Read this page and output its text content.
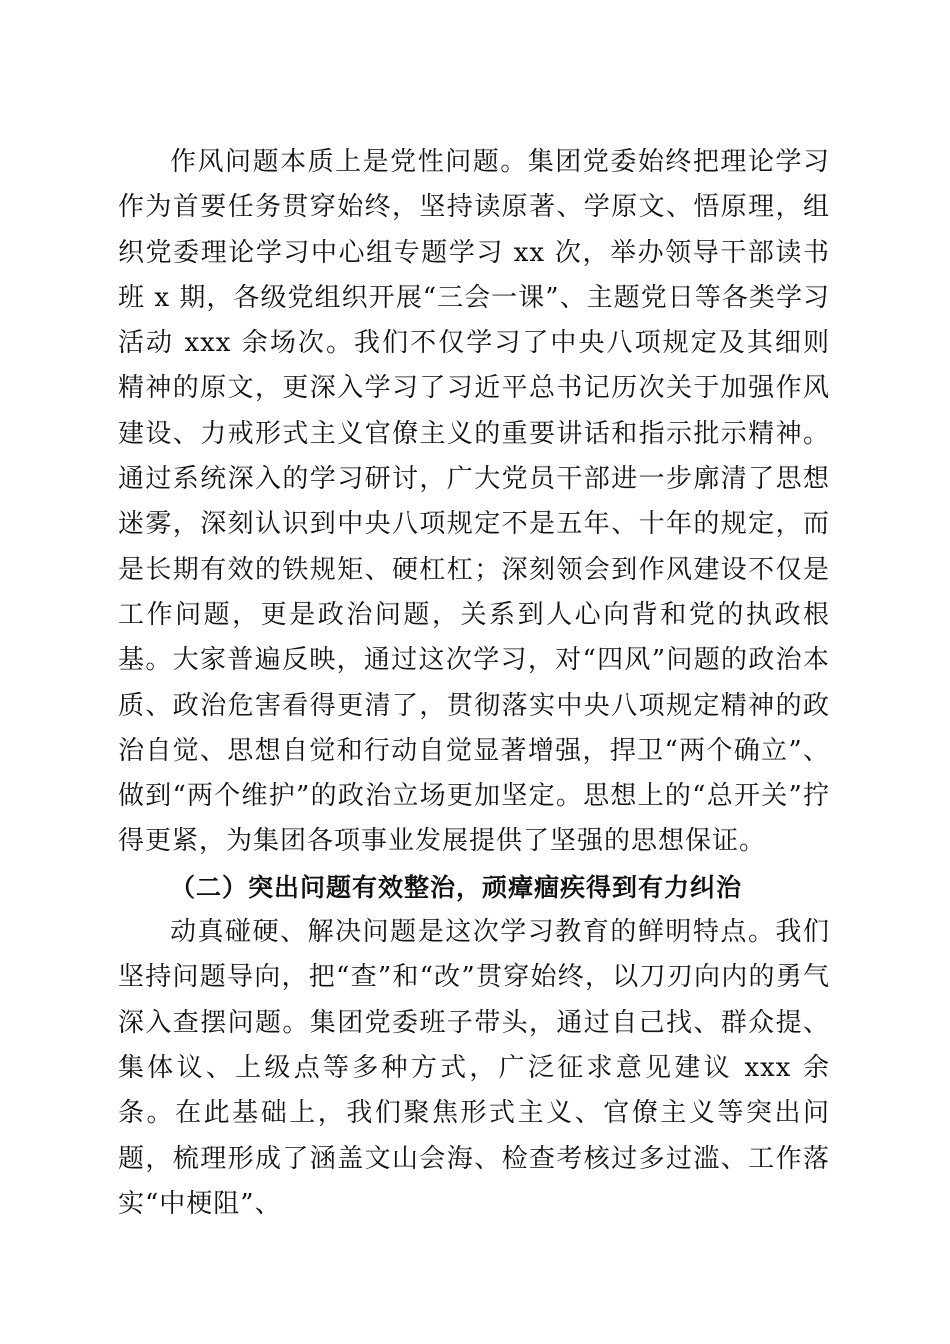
作风问题本质上是党性问题。集团党委始终把理论学习作为首要任务贯穿始终，坚持读原著、学原文、悟原理，组织党委理论学习中心组专题学习 xx 次，举办领导干部读书班 x 期，各级党组织开展“三会一课”、主题党日等各类学习活动 xxx 余场次。我们不仅学习了中央八项规定及其细则精神的原文，更深入学习了习近平总书记历次关于加强作风建设、力戒形式主义官僚主义的重要讲话和指示批示精神。通过系统深入的学习研讨，广大党员干部进一步廓清了思想迷雾，深刻认识到中央八项规定不是五年、十年的规定，而是长期有效的铁规矩、硬杠杠；深刻领会到作风建设不仅是工作问题，更是政治问题，关系到人心向背和党的执政根基。大家普遍反映，通过这次学习，对“四风”问题的政治本质、政治危害看得更清了，贯彻落实中央八项规定精神的政治自觉、思想自觉和行动自觉显著增强，捍卫“两个确立”、做到“两个维护”的政治立场更加坚定。思想上的“总开关”拧得更紧，为集团各项事业发展提供了坚强的思想保证。

（二）突出问题有效整治，顽瘴痼疾得到有力纠治

动真碰硬、解决问题是这次学习教育的鲜明特点。我们坚持问题导向，把“查”和“改”贯穿始终，以刀刃向内的勇气深入查摆问题。集团党委班子带头，通过自己找、群众提、集体议、上级点等多种方式，广泛征求意见建议 xxx 余条。在此基础上，我们聚焦形式主义、官僚主义等突出问题，梳理形成了涵盖文山会海、检查考核过多过滥、工作落实“中梗阻”、
